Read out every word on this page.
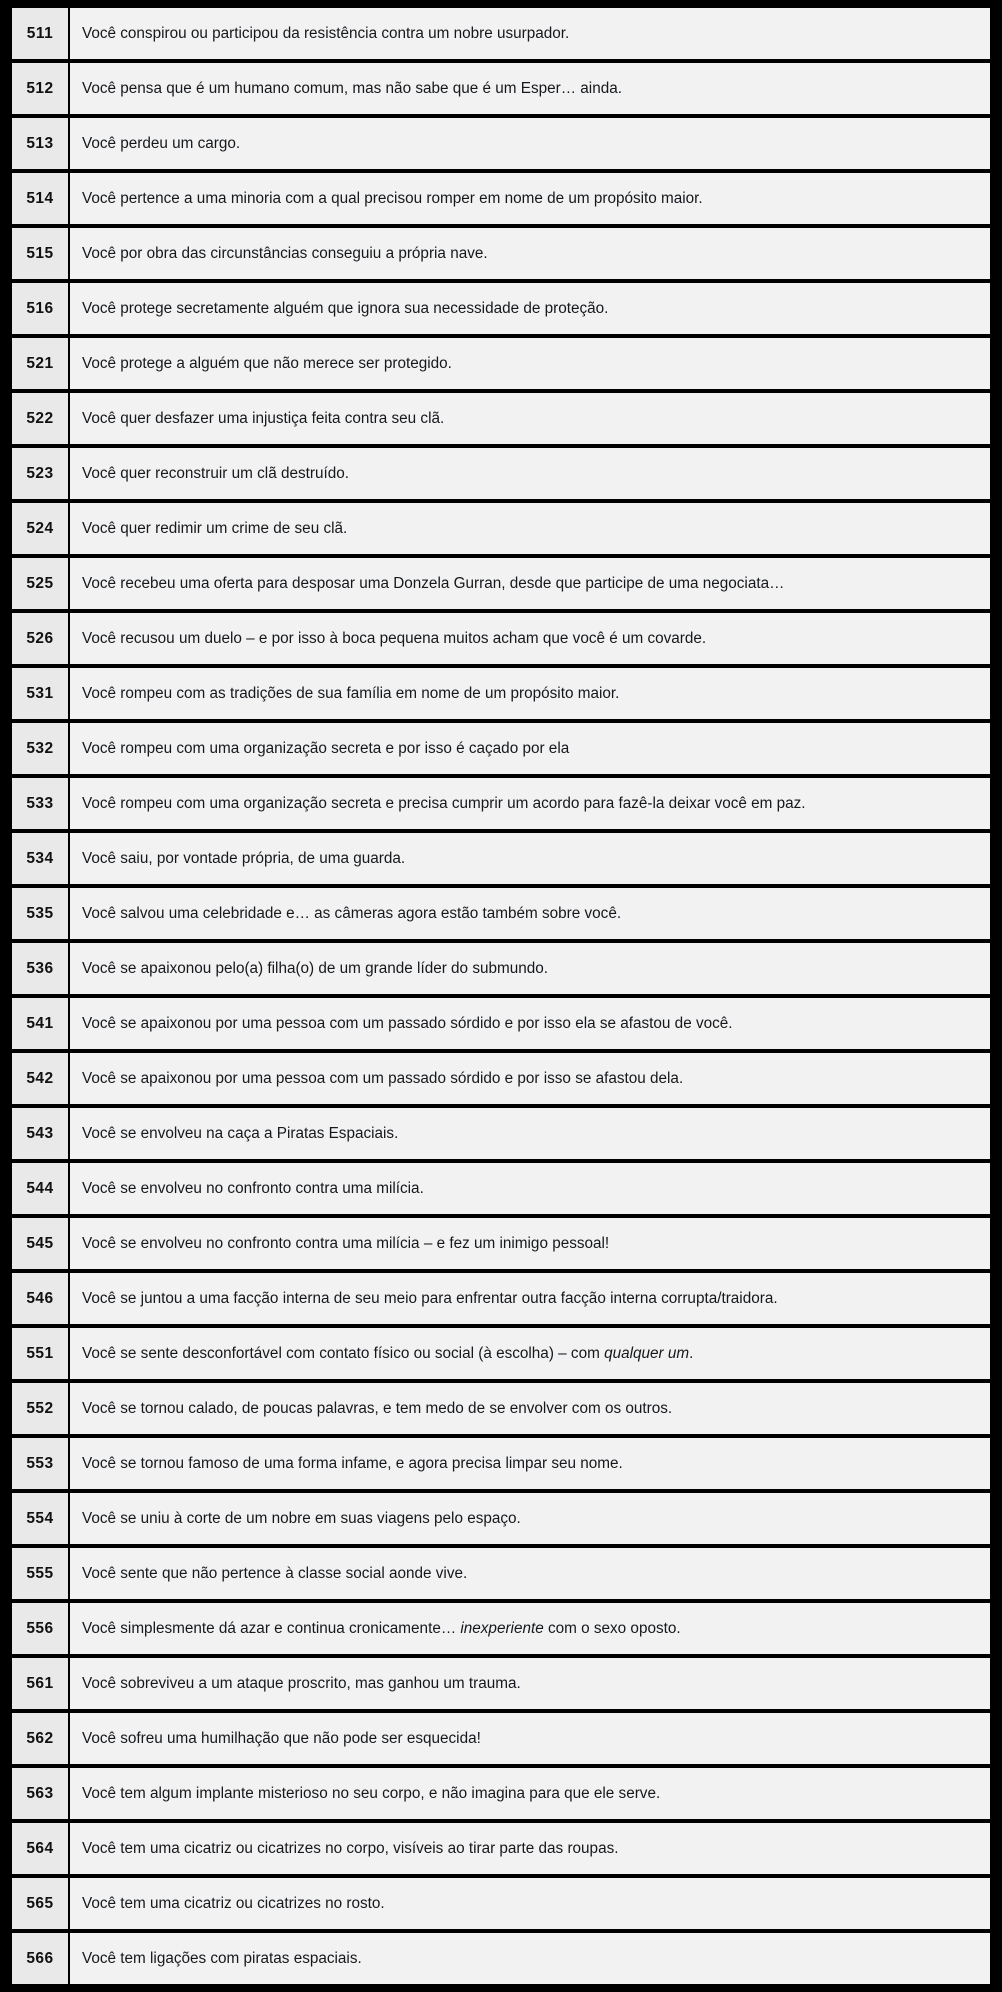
511	Você conspirou ou participou da resistência contra um nobre usurpador.
512	Você pensa que é um humano comum, mas não sabe que é um Esper… ainda.
513	Você perdeu um cargo.
514	Você pertence a uma minoria com a qual precisou romper em nome de um propósito maior.
515	Você por obra das circunstâncias conseguiu a própria nave.
516	Você protege secretamente alguém que ignora sua necessidade de proteção.
521	Você protege a alguém que não merece ser protegido.
522	Você quer desfazer uma injustiça feita contra seu clã.
523	Você quer reconstruir um clã destruído.
524	Você quer redimir um crime de seu clã.
525	Você recebeu uma oferta para desposar uma Donzela Gurran, desde que participe de uma negociata…
526	Você recusou um duelo – e por isso à boca pequena muitos acham que você é um covarde.
531	Você rompeu com as tradições de sua família em nome de um propósito maior.
532	Você rompeu com uma organização secreta e por isso é caçado por ela
533	Você rompeu com uma organização secreta e precisa cumprir um acordo para fazê-la deixar você em paz.
534	Você saiu, por vontade própria, de uma guarda.
535	Você salvou uma celebridade e… as câmeras agora estão também sobre você.
536	Você se apaixonou pelo(a) filha(o) de um grande líder do submundo.
541	Você se apaixonou por uma pessoa com um passado sórdido e por isso ela se afastou de você.
542	Você se apaixonou por uma pessoa com um passado sórdido e por isso se afastou dela.
543	Você se envolveu na caça a Piratas Espaciais.
544	Você se envolveu no confronto contra uma milícia.
545	Você se envolveu no confronto contra uma milícia – e fez um inimigo pessoal!
546	Você se juntou a uma facção interna de seu meio para enfrentar outra facção interna corrupta/traidora.
551	Você se sente desconfortável com contato físico ou social (à escolha) – com qualquer um.
552	Você se tornou calado, de poucas palavras, e tem medo de se envolver com os outros.
553	Você se tornou famoso de uma forma infame, e agora precisa limpar seu nome.
554	Você se uniu à corte de um nobre em suas viagens pelo espaço.
555	Você sente que não pertence à classe social aonde vive.
556	Você simplesmente dá azar e continua cronicamente… inexperiente com o sexo oposto.
561	Você sobreviveu a um ataque proscrito, mas ganhou um trauma.
562	Você sofreu uma humilhação que não pode ser esquecida!
563	Você tem algum implante misterioso no seu corpo, e não imagina para que ele serve.
564	Você tem uma cicatriz ou cicatrizes no corpo, visíveis ao tirar parte das roupas.
565	Você tem uma cicatriz ou cicatrizes no rosto.
566	Você tem ligações com piratas espaciais.
